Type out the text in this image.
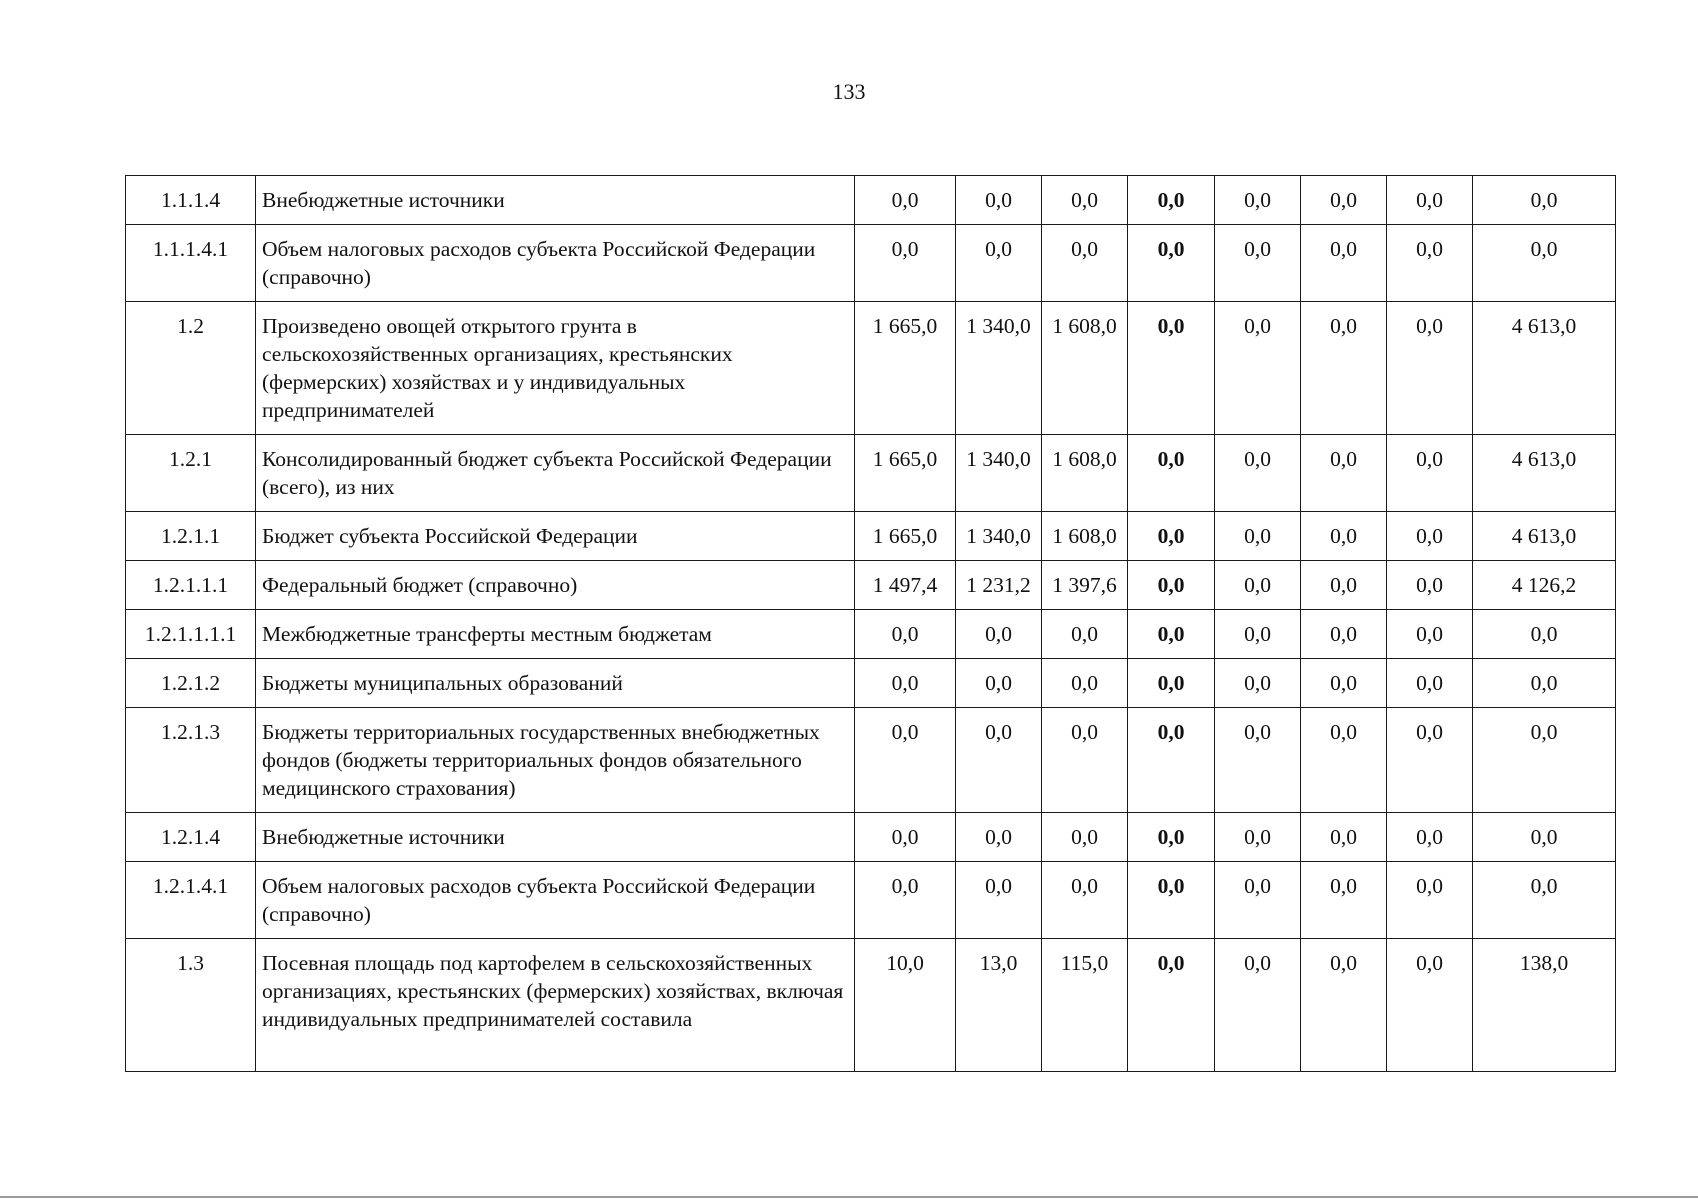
133
1.1.1.4	Внебюджетные источники	0,0	0,0	0,0	0,0	0,0	0,0	0,0	0,0
1.1.1.4.1	Объем налоговых расходов субъекта Российской Федерации (справочно)	0,0	0,0	0,0	0,0	0,0	0,0	0,0	0,0
1.2	Произведено овощей открытого грунта в сельскохозяйственных организациях, крестьянских (фермерских) хозяйствах и у индивидуальных предпринимателей	1 665,0	1 340,0	1 608,0	0,0	0,0	0,0	0,0	4 613,0
1.2.1	Консолидированный бюджет субъекта Российской Федерации (всего), из них	1 665,0	1 340,0	1 608,0	0,0	0,0	0,0	0,0	4 613,0
1.2.1.1	Бюджет субъекта Российской Федерации	1 665,0	1 340,0	1 608,0	0,0	0,0	0,0	0,0	4 613,0
1.2.1.1.1	Федеральный бюджет (справочно)	1 497,4	1 231,2	1 397,6	0,0	0,0	0,0	0,0	4 126,2
1.2.1.1.1.1	Межбюджетные трансферты местным бюджетам	0,0	0,0	0,0	0,0	0,0	0,0	0,0	0,0
1.2.1.2	Бюджеты муниципальных образований	0,0	0,0	0,0	0,0	0,0	0,0	0,0	0,0
1.2.1.3	Бюджеты территориальных государственных внебюджетных фондов (бюджеты территориальных фондов обязательного медицинского страхования)	0,0	0,0	0,0	0,0	0,0	0,0	0,0	0,0
1.2.1.4	Внебюджетные источники	0,0	0,0	0,0	0,0	0,0	0,0	0,0	0,0
1.2.1.4.1	Объем налоговых расходов субъекта Российской Федерации (справочно)	0,0	0,0	0,0	0,0	0,0	0,0	0,0	0,0
1.3	Посевная площадь под картофелем в сельскохозяйственных организациях, крестьянских (фермерских) хозяйствах, включая индивидуальных предпринимателей составила	10,0	13,0	115,0	0,0	0,0	0,0	0,0	138,0
